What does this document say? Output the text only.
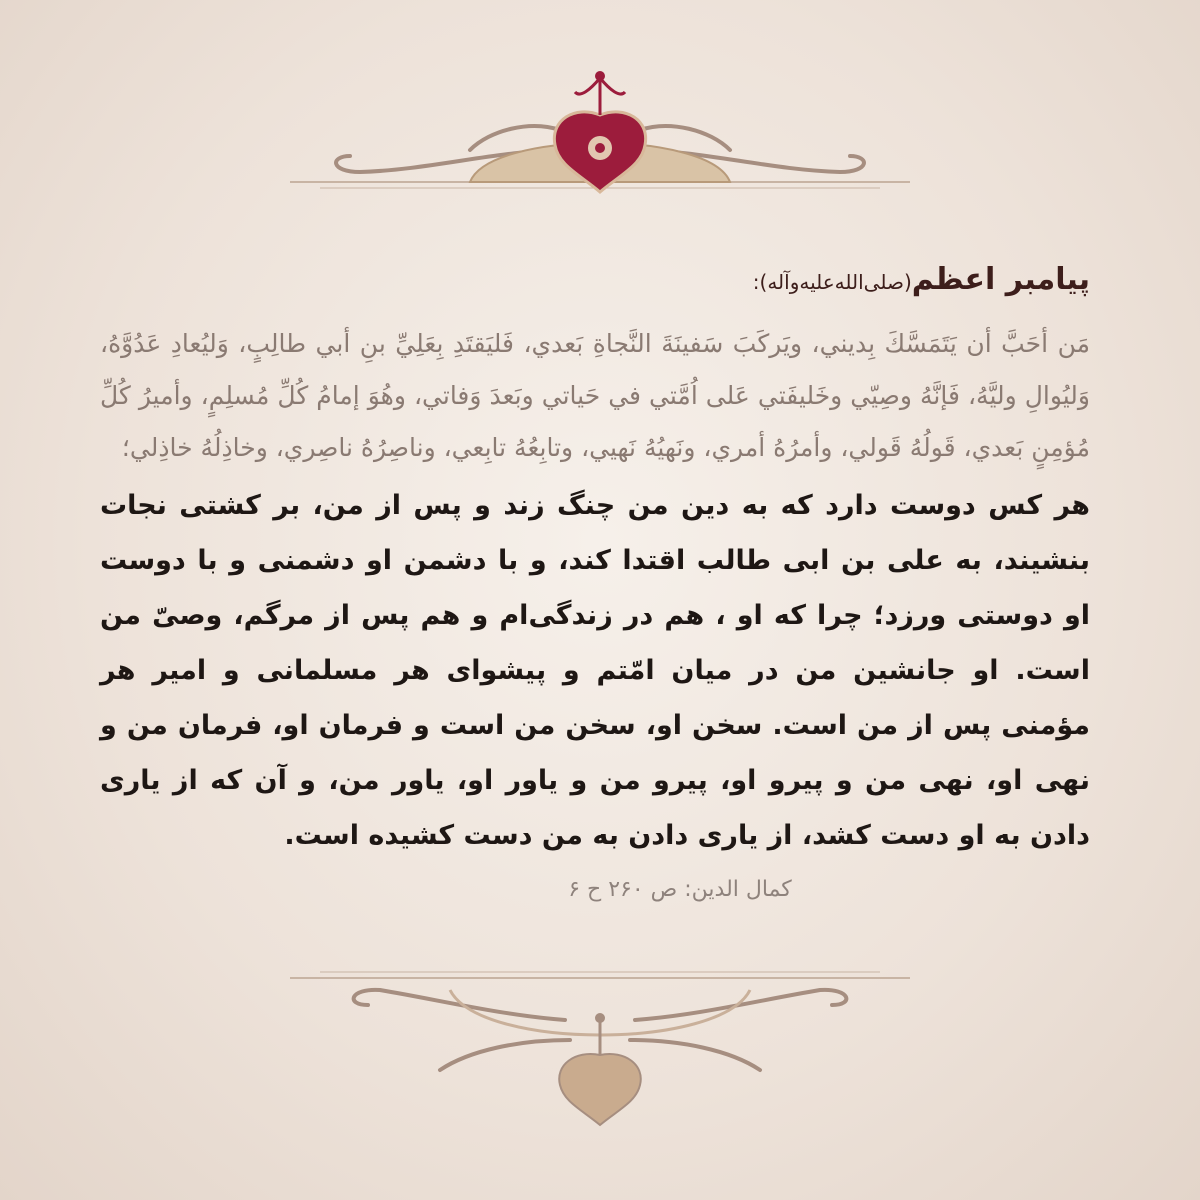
پیامبر اعظم(صلی‌الله‌علیه‌وآله):
مَن أحَبَّ أن يَتَمَسَّكَ بِديني، ويَركَبَ سَفينَةَ النَّجاةِ بَعدي، فَليَقتَدِ بِعَلِيِّ بنِ أبي طالِبٍ، وَليُعادِ عَدُوَّهُ، وَليُوالِ وليَّهُ، فَإنَّهُ وصِيّي وخَليفَتي عَلى اُمَّتي في حَياتي وبَعدَ وَفاتي، وهُوَ إمامُ كُلِّ مُسلِمٍ، وأميرُ كُلِّ مُؤمِنٍ بَعدي، قَولُهُ قَولي، وأمرُهُ أمري، ونَهيُهُ نَهيي، وتابِعُهُ تابِعي، وناصِرُهُ ناصِري، وخاذِلُهُ خاذِلي؛
هر کس دوست دارد که به دین من چنگ زند و پس از من، بر کشتی نجات بنشیند، به علی بن ابی طالب اقتدا کند، و با دشمن او دشمنی و با دوست او دوستی ورزد؛ چرا که او ، هم در زندگی‌ام و هم پس از مرگم، وصیّ من است. او جانشین من در میان امّتم و پیشوای هر مسلمانی و امیر هر مؤمنی پس از من است. سخن او، سخن من است و فرمان او، فرمان من و نهی او، نهی من و پیرو او، پیرو من و یاور او، یاور من، و آن که از یاری دادن به او دست کشد، از یاری دادن به من دست کشیده است.
کمال الدین: ص ۲۶۰ ح ۶
